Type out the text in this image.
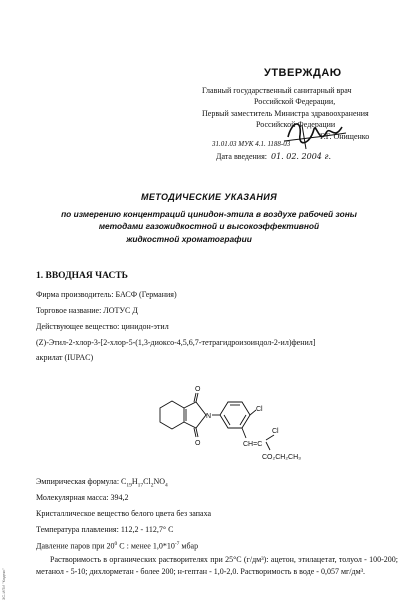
УТВЕРЖДАЮ
Главный государственный санитарный врач
Российской Федерации,
Первый заместитель Министра здравоохранения
Российской Федерации
Г.Г. Онищенко
31.01.03 МУК 4.1. 1188-03
Дата введения: 01. 02. 2004 г.
МЕТОДИЧЕСКИЕ УКАЗАНИЯ
по измерению концентраций цинидон-этила в воздухе рабочей зоны
методами газожидкостной и высокоэффективной
жидкостной хроматографии
1. ВВОДНАЯ ЧАСТЬ
Фирма производитель: БАСФ (Германия)
Торговое название: ЛОТУС Д
Действующее вещество: цинидон-этил
(Z)-Этил-2-хлор-3-[2-хлор-5-(1,3-диоксо-4,5,6,7-тетрагидроизоиндол-2-ил)фенил]
акрилат (IUPAC)
O
N
O
Cl
CH=C
Cl
CO₂CH₂CH₃
Эмпирическая формула: $C_{19}H_{17}Cl_2NO_4$
Молекулярная масса: 394,2
Кристаллическое вещество белого цвета без запаха
Температура плавления: 112,2 - 112,7° С
Давление паров при $20^0$ С : менее $1,0*10^{-7}$ мбар
Растворимость в органических растворителях при 25°С (г/дм³): ацетон, этилацетат, толуол - 100-200; метанол - 5-10; дихлорметан - более 200; н-гептан - 1,0-2,0. Растворимость в воде - 0,057 мг/дм³.
3С-ИПИ "Кодекс"
